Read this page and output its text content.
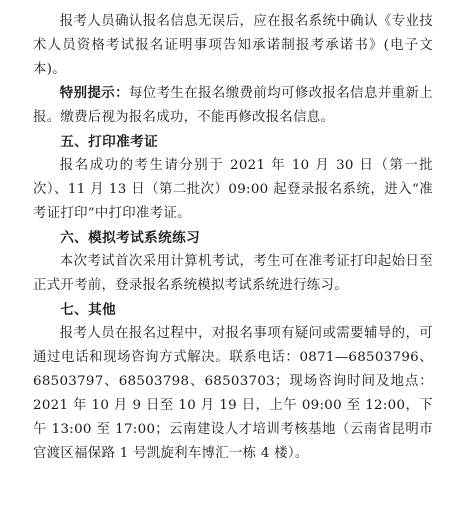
报考人员确认报名信息无误后，应在报名系统中确认《专业技术人员资格考试报名证明事项告知承诺制报考承诺书》(电子文本)。

特别提示：每位考生在报名缴费前均可修改报名信息并重新上报。缴费后视为报名成功，不能再修改报名信息。

五、打印准考证

报名成功的考生请分别于 2021 年 10 月 30 日（第一批次）、11 月 13 日（第二批次）09:00 起登录报名系统，进入“准考证打印”中打印准考证。

六、模拟考试系统练习

本次考试首次采用计算机考试，考生可在准考证打印起始日至正式开考前，登录报名系统模拟考试系统进行练习。

七、其他

报考人员在报名过程中，对报名事项有疑问或需要辅导的，可通过电话和现场咨询方式解决。联系电话：0871—68503796、68503797、68503798、68503703；现场咨询时间及地点：2021 年 10 月 9 日至 10 月 19 日，上午 09:00 至 12:00，下午 13:00 至 17:00；云南建设人才培训考核基地（云南省昆明市官渡区福保路 1 号凯旋利车博汇一栋 4 楼）。
